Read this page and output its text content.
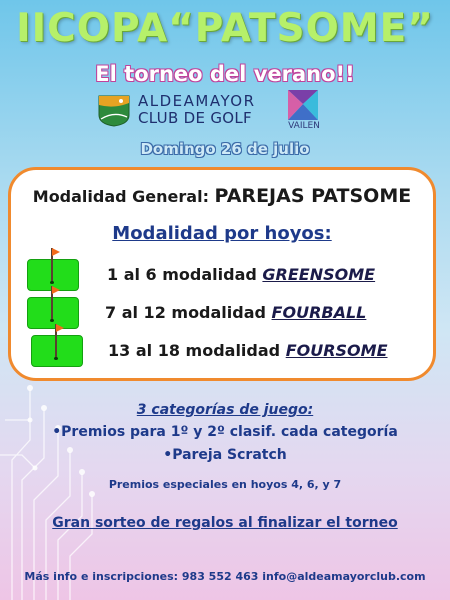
IICOPA“PATSOME”
El torneo del verano!!
ALDEAMAYOR
CLUB DE GOLF	VAILEN
Domingo 26 de julio
Modalidad General: PAREJAS PATSOME
Modalidad por hoyos:
1 al 6 modalidad GREENSOME
7 al 12 modalidad FOURBALL
13 al 18 modalidad FOURSOME
3 categorías de juego:
•Premios para 1º y 2º clasif. cada categoría
•Pareja Scratch
Premios especiales en hoyos 4, 6, y 7
Gran sorteo de regalos al finalizar el torneo
Más info e inscripciones: 983 552 463 info@aldeamayorclub.com
